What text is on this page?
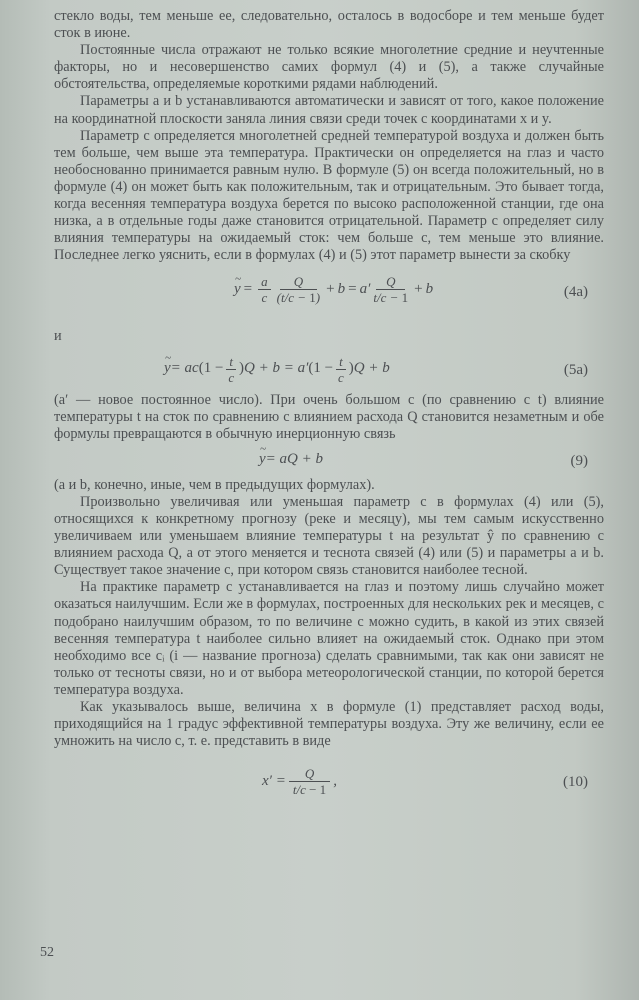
стекло воды, тем меньше ее, следовательно, осталось в водосборе и тем меньше будет сток в июне.

Постоянные числа отражают не только всякие многолетние средние и неучтенные факторы, но и несовершенство самих формул (4) и (5), а также случайные обстоятельства, определяемые короткими рядами наблюдений.

Параметры a и b устанавливаются автоматически и зависят от того, какое положение на координатной плоскости заняла линия связи среди точек с координатами x и y.

Параметр c определяется многолетней средней температурой воздуха и должен быть тем больше, чем выше эта температура. Практически он определяется на глаз и часто необоснованно принимается равным нулю. В формуле (5) он всегда положительный, но в формуле (4) он может быть как положительным, так и отрицательным. Это бывает тогда, когда весенняя температура воздуха берется по высоко расположенной станции, где она низка, а в отдельные годы даже становится отрицательной. Параметр c определяет силу влияния температуры на ожидаемый сток: чем больше c, тем меньше это влияние. Последнее легко уяснить, если в формулах (4) и (5) этот параметр вынести за скобку

~ $y = \frac{a}{c} \frac{Q}{(t/c - 1)} + b = a' \frac{Q}{t/c - 1} + b$	(4а)

и

~ y = ac ($1 - \frac{t}{c}$ ) Q + b = a′ ($1 - \frac{t}{c}$ ) Q + b	(5a)

(a′ — новое постоянное число). При очень большом c (по сравнению с t) влияние температуры t на сток по сравнению с влиянием расхода Q становится незаметным и обе формулы превращаются в обычную инерционную связь

~ y = aQ + b	(9)

(a и b, конечно, иные, чем в предыдущих формулах).

Произвольно увеличивая или уменьшая параметр c в формулах (4) или (5), относящихся к конкретному прогнозу (реке и месяцу), мы тем самым искусственно увеличиваем или уменьшаем влияние температуры t на результат ŷ по сравнению с влиянием расхода Q, а от этого меняется и теснота связей (4) или (5) и параметры a и b. Существует такое значение c, при котором связь становится наиболее тесной.

На практике параметр c устанавливается на глаз и поэтому лишь случайно может оказаться наилучшим. Если же в формулах, построенных для нескольких рек и месяцев, c подобрано наилучшим образом, то по величине c можно судить, в какой из этих связей весенняя температура t наиболее сильно влияет на ожидаемый сток. Однако при этом необходимо все cᵢ (i — название прогноза) сделать сравнимыми, так как они зависят не только от тесноты связи, но и от выбора метеорологической станции, по которой берется температура воздуха.

Как указывалось выше, величина x в формуле (1) представляет расход воды, приходящийся на 1 градус эффективной температуры воздуха. Эту же величину, если ее умножить на число c, т. е. представить в виде

$x' = \frac{Q}{t/c - 1}$ ,	(10)
52
